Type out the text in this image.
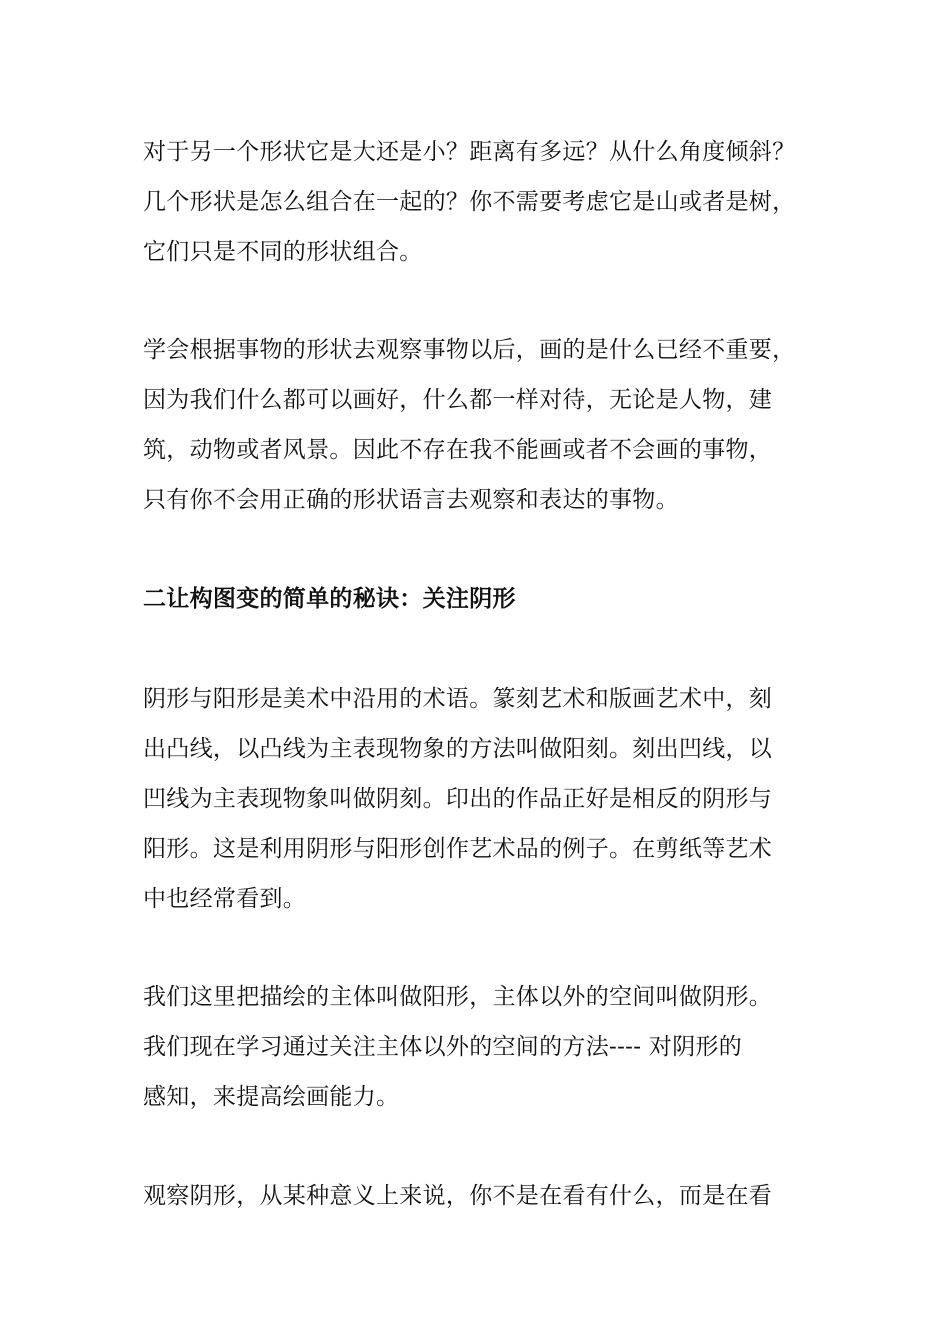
对于另一个形状它是大还是小？距离有多远？从什么角度倾斜？
几个形状是怎么组合在一起的？你不需要考虑它是山或者是树，
它们只是不同的形状组合。
学会根据事物的形状去观察事物以后，画的是什么已经不重要，
因为我们什么都可以画好，什么都一样对待，无论是人物，建
筑，动物或者风景。因此不存在我不能画或者不会画的事物，
只有你不会用正确的形状语言去观察和表达的事物。
二让构图变的简单的秘诀：关注阴形
阴形与阳形是美术中沿用的术语。篆刻艺术和版画艺术中，刻
出凸线，以凸线为主表现物象的方法叫做阳刻。刻出凹线，以
凹线为主表现物象叫做阴刻。印出的作品正好是相反的阴形与
阳形。这是利用阴形与阳形创作艺术品的例子。在剪纸等艺术
中也经常看到。
我们这里把描绘的主体叫做阳形，主体以外的空间叫做阴形。
我们现在学习通过关注主体以外的空间的方法---- 对阴形的
感知，来提高绘画能力。
观察阴形，从某种意义上来说，你不是在看有什么，而是在看
